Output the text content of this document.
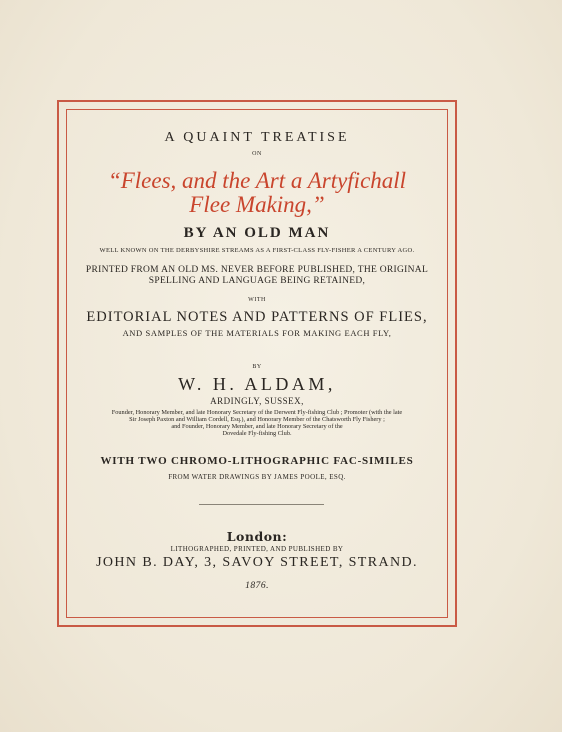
A QUAINT TREATISE
ON
“Flees, and the Art a Artyfichall
Flee Making,”
BY AN OLD MAN
WELL KNOWN ON THE DERBYSHIRE STREAMS AS A FIRST-CLASS FLY-FISHER A CENTURY AGO.
PRINTED FROM AN OLD MS. NEVER BEFORE PUBLISHED, THE ORIGINAL
SPELLING AND LANGUAGE BEING RETAINED,
WITH
EDITORIAL NOTES AND PATTERNS OF FLIES,
AND SAMPLES OF THE MATERIALS FOR MAKING EACH FLY,
BY
W. H. ALDAM,
ARDINGLY, SUSSEX,
Founder, Honorary Member, and late Honorary Secretary of the Derwent Fly-fishing Club ; Promoter (with the late
Sir Joseph Paxton and William Cordell, Esq.), and Honorary Member of the Chatsworth Fly Fishery ;
and Founder, Honorary Member, and late Honorary Secretary of the
Dovedale Fly-fishing Club.
WITH TWO CHROMO-LITHOGRAPHIC FAC-SIMILES
FROM WATER DRAWINGS BY JAMES POOLE, ESQ.
London:
LITHOGRAPHED, PRINTED, AND PUBLISHED BY
JOHN B. DAY, 3, SAVOY STREET, STRAND.
1876.
